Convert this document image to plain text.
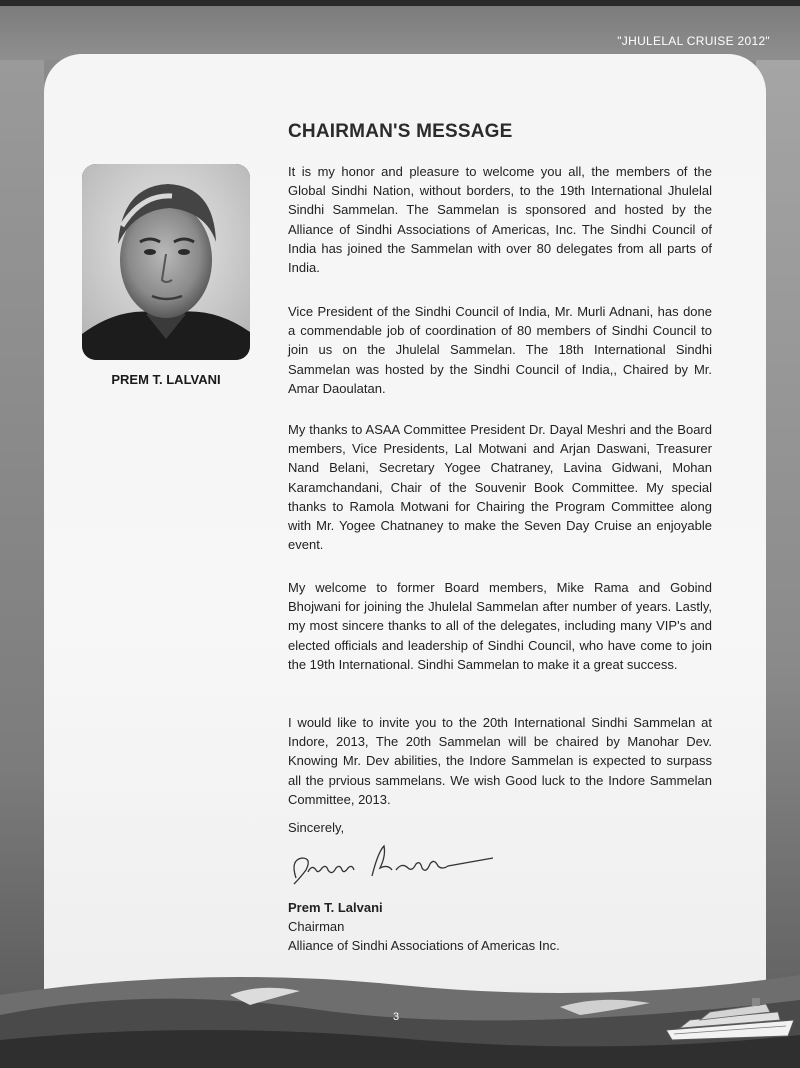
"JHULELAL CRUISE 2012"
PREM T. LALVANI
CHAIRMAN'S MESSAGE

It is my honor and pleasure to welcome you all, the members of the Global Sindhi Nation, without borders, to the 19th International Jhulelal Sindhi Sammelan. The Sammelan is sponsored and hosted by the Alliance of Sindhi Associations of Americas, Inc. The Sindhi Council of India has joined the Sammelan with over 80 delegates from all parts of India.

Vice President of the Sindhi Council of India, Mr. Murli Adnani, has done a commendable job of coordination of 80 members of Sindhi Council to join us on the Jhulelal Sammelan. The 18th International Sindhi Sammelan was hosted by the Sindhi Council of India,, Chaired by Mr. Amar Daoulatan.

My thanks to ASAA Committee President Dr. Dayal Meshri and the Board members, Vice Presidents, Lal Motwani and Arjan Daswani, Treasurer Nand Belani, Secretary Yogee Chatraney, Lavina Gidwani, Mohan Karamchandani, Chair of the Souvenir Book Committee. My special thanks to Ramola Motwani for Chairing the Program Committee along with Mr. Yogee Chatnaney to make the Seven Day Cruise an enjoyable event.

My welcome to former Board members, Mike Rama and Gobind Bhojwani for joining the Jhulelal Sammelan after number of years. Lastly, my most sincere thanks to all of the delegates, including many VIP's and elected officials and leadership of Sindhi Council, who have come to join the 19th International. Sindhi Sammelan to make it a great success.

I would like to invite you to the 20th International Sindhi Sammelan at Indore, 2013, The 20th Sammelan will be chaired by Manohar Dev. Knowing Mr. Dev abilities, the Indore Sammelan is expected to surpass all the prvious sammelans. We wish Good luck to the Indore Sammelan Committee, 2013.

Sincerely,
Prem T. Lalvani
Chairman
Alliance of Sindhi Associations of Americas Inc.
3
